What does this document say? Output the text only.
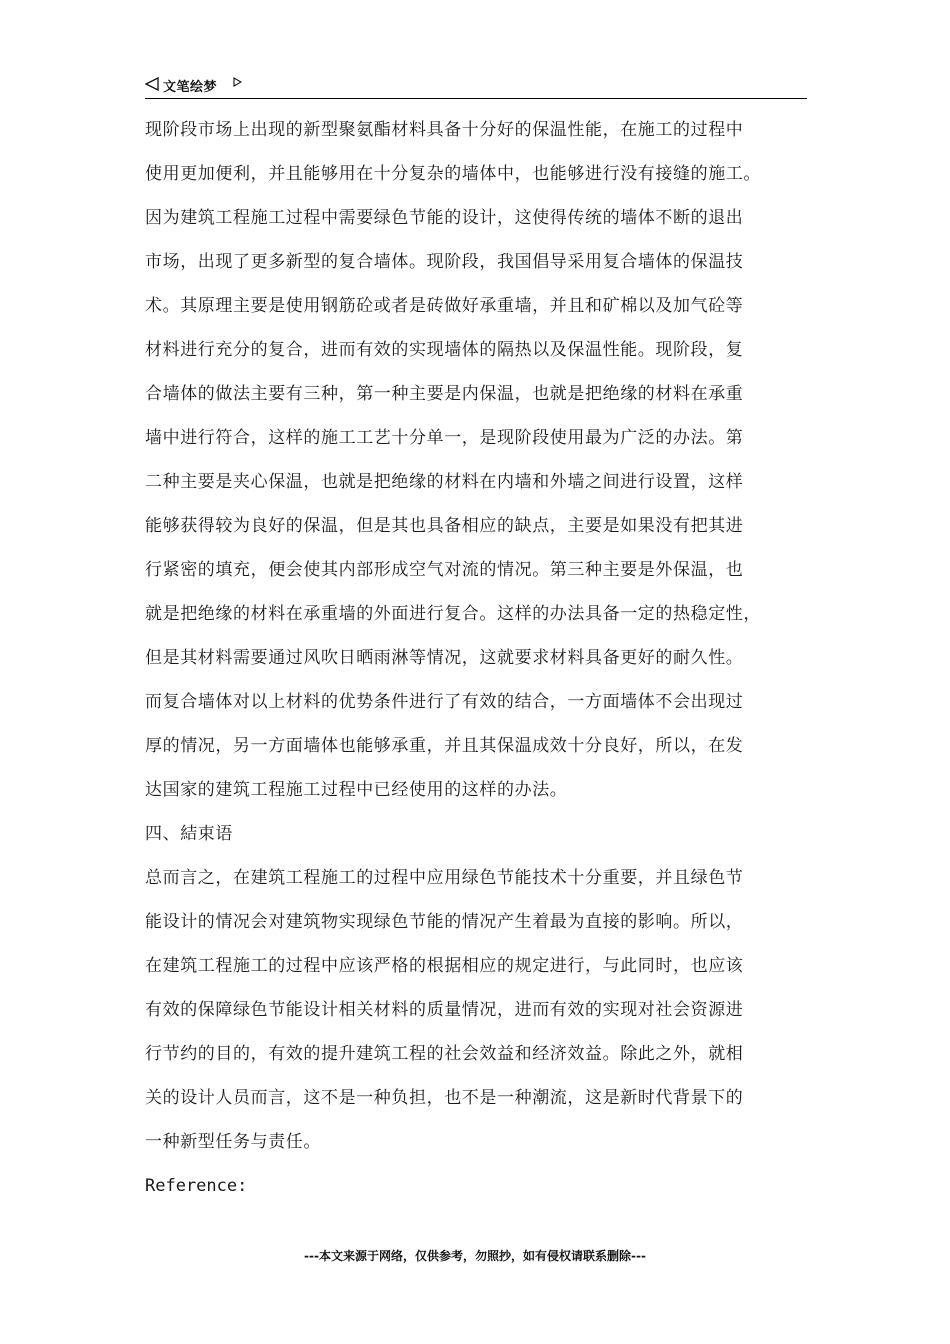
文笔绘梦
现阶段市场上出现的新型聚氨酯材料具备十分好的保温性能，在施工的过程中
使用更加便利，并且能够用在十分复杂的墙体中，也能够进行没有接缝的施工。
因为建筑工程施工过程中需要绿色节能的设计，这使得传统的墙体不断的退出
市场，出现了更多新型的复合墙体。现阶段，我国倡导采用复合墙体的保温技
术。其原理主要是使用钢筋砼或者是砖做好承重墙，并且和矿棉以及加气砼等
材料进行充分的复合，进而有效的实现墙体的隔热以及保温性能。现阶段，复
合墙体的做法主要有三种，第一种主要是内保温，也就是把绝缘的材料在承重
墙中进行符合，这样的施工工艺十分单一，是现阶段使用最为广泛的办法。第
二种主要是夹心保温，也就是把绝缘的材料在内墙和外墙之间进行设置，这样
能够获得较为良好的保温，但是其也具备相应的缺点，主要是如果没有把其进
行紧密的填充，便会使其内部形成空气对流的情况。第三种主要是外保温，也
就是把绝缘的材料在承重墙的外面进行复合。这样的办法具备一定的热稳定性，
但是其材料需要通过风吹日晒雨淋等情况，这就要求材料具备更好的耐久性。
而复合墙体对以上材料的优势条件进行了有效的结合，一方面墙体不会出现过
厚的情况，另一方面墙体也能够承重，并且其保温成效十分良好，所以，在发
达国家的建筑工程施工过程中已经使用的这样的办法。
四、結束语
总而言之，在建筑工程施工的过程中应用绿色节能技术十分重要，并且绿色节
能设计的情况会对建筑物实现绿色节能的情况产生着最为直接的影响。所以，
在建筑工程施工的过程中应该严格的根据相应的规定进行，与此同时，也应该
有效的保障绿色节能设计相关材料的质量情况，进而有效的实现对社会资源进
行节约的目的，有效的提升建筑工程的社会效益和经济效益。除此之外，就相
关的设计人员而言，这不是一种负担，也不是一种潮流，这是新时代背景下的
一种新型任务与责任。
Reference:
---本文来源于网络，仅供参考，勿照抄，如有侵权请联系删除---
